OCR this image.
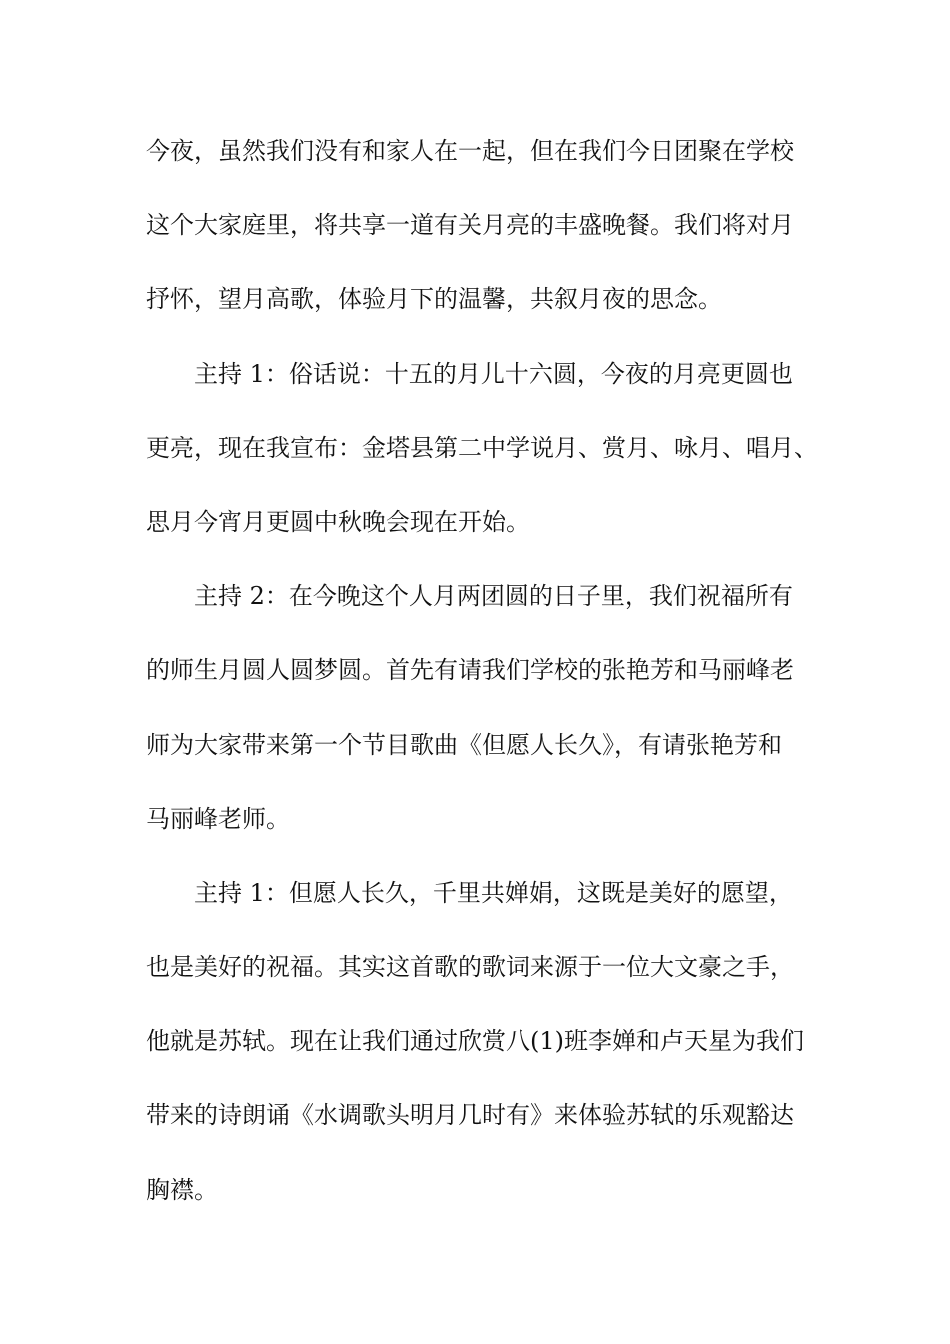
今夜，虽然我们没有和家人在一起，但在我们今日团聚在学校
这个大家庭里，将共享一道有关月亮的丰盛晚餐。我们将对月
抒怀，望月高歌，体验月下的温馨，共叙月夜的思念。
主持 1：俗话说：十五的月儿十六圆，今夜的月亮更圆也
更亮，现在我宣布：金塔县第二中学说月、赏月、咏月、唱月、
思月今宵月更圆中秋晚会现在开始。
主持 2：在今晚这个人月两团圆的日子里，我们祝福所有
的师生月圆人圆梦圆。首先有请我们学校的张艳芳和马丽峰老
师为大家带来第一个节目歌曲《但愿人长久》，有请张艳芳和
马丽峰老师。
主持 1：但愿人长久，千里共婵娟，这既是美好的愿望，
也是美好的祝福。其实这首歌的歌词来源于一位大文豪之手，
他就是苏轼。现在让我们通过欣赏八(1)班李婵和卢天星为我们
带来的诗朗诵《水调歌头明月几时有》来体验苏轼的乐观豁达
胸襟。
